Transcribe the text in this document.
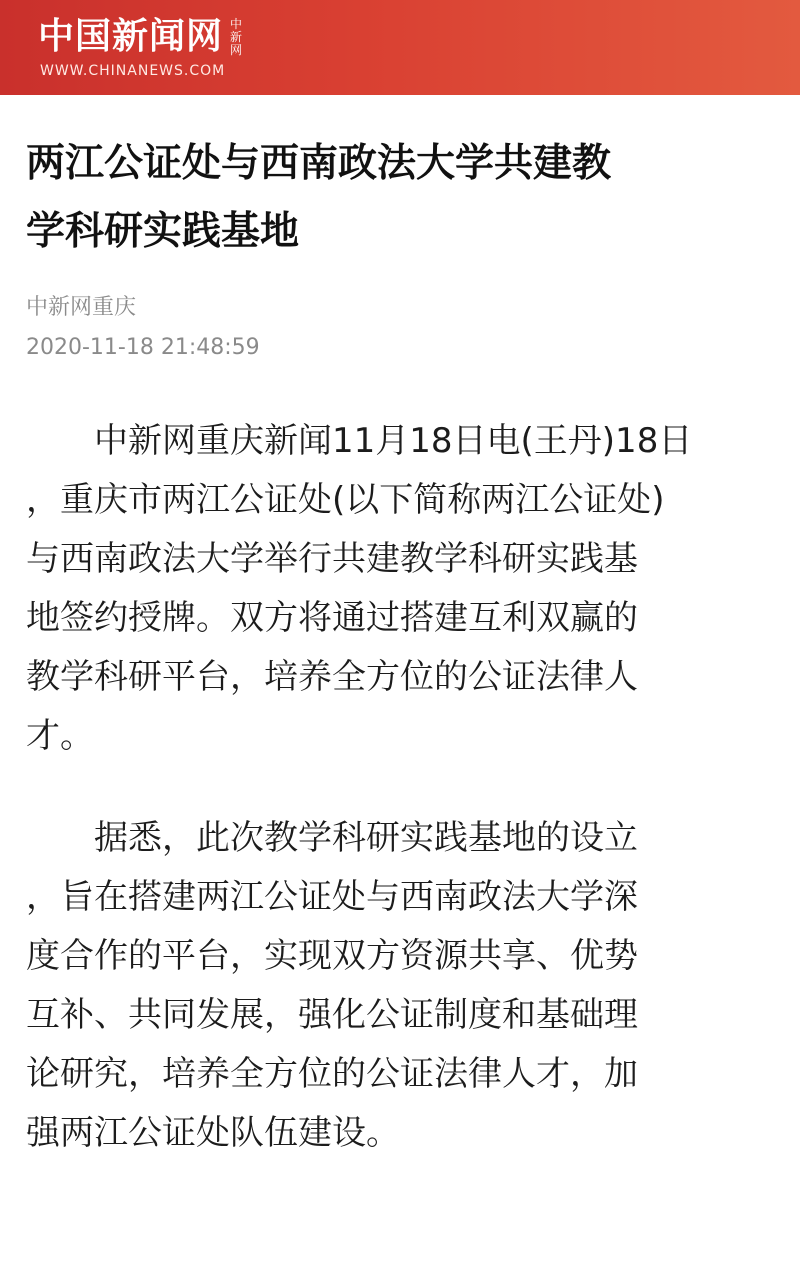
中国新闻网 中新网
WWW.CHINANEWS.COM
两江公证处与西南政法大学共建教
学科研实践基地
中新网重庆
2020-11-18 21:48:59

中新网重庆新闻11月18日电(王丹)18日
，重庆市两江公证处(以下简称两江公证处)
与西南政法大学举行共建教学科研实践基
地签约授牌。双方将通过搭建互利双赢的
教学科研平台，培养全方位的公证法律人
才。

据悉，此次教学科研实践基地的设立
，旨在搭建两江公证处与西南政法大学深
度合作的平台，实现双方资源共享、优势
互补、共同发展，强化公证制度和基础理
论研究，培养全方位的公证法律人才，加
强两江公证处队伍建设。
